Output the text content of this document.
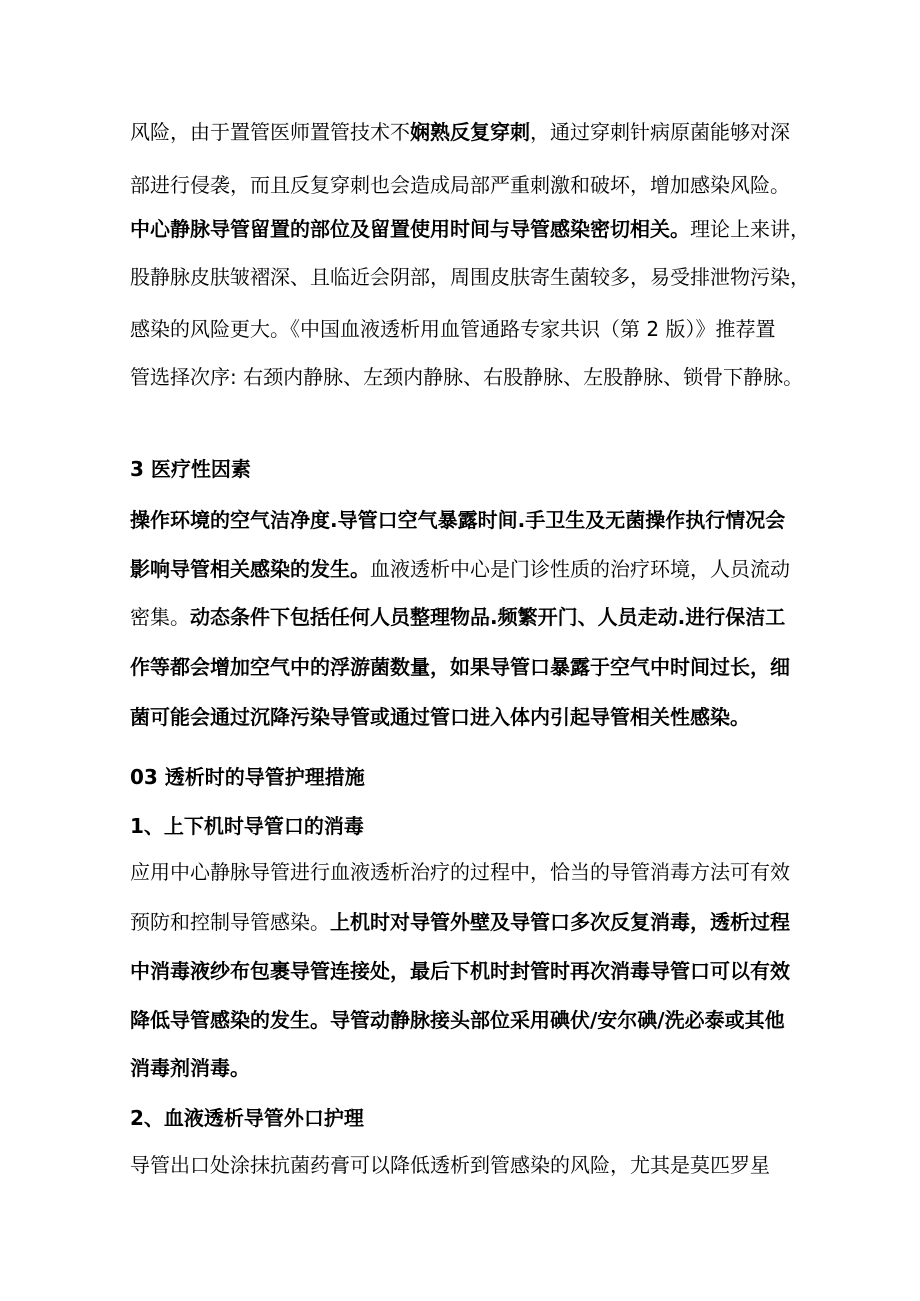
风险，由于置管医师置管技术不娴熟反复穿刺，通过穿刺针病原菌能够对深
部进行侵袭，而且反复穿刺也会造成局部严重刺激和破坏，增加感染风险。
中心静脉导管留置的部位及留置使用时间与导管感染密切相关。理论上来讲，
股静脉皮肤皱褶深、且临近会阴部，周围皮肤寄生菌较多，易受排泄物污染，
感染的风险更大。《中国血液透析用血管通路专家共识（第 2 版）》推荐置
管选择次序: 右颈内静脉、左颈内静脉、右股静脉、左股静脉、锁骨下静脉。
3 医疗性因素
操作环境的空气洁净度.导管口空气暴露时间.手卫生及无菌操作执行情况会
影响导管相关感染的发生。血液透析中心是门诊性质的治疗环境，人员流动
密集。动态条件下包括任何人员整理物品.频繁开门、人员走动.进行保洁工
作等都会增加空气中的浮游菌数量，如果导管口暴露于空气中时间过长，细
菌可能会通过沉降污染导管或通过管口进入体内引起导管相关性感染。
03 透析时的导管护理措施
1、上下机时导管口的消毒
应用中心静脉导管进行血液透析治疗的过程中，恰当的导管消毒方法可有效
预防和控制导管感染。上机时对导管外壁及导管口多次反复消毒，透析过程
中消毒液纱布包裹导管连接处，最后下机时封管时再次消毒导管口可以有效
降低导管感染的发生。导管动静脉接头部位采用碘伏/安尔碘/洗必泰或其他
消毒剂消毒。
2、血液透析导管外口护理
导管出口处涂抹抗菌药膏可以降低透析到管感染的风险，尤其是莫匹罗星
